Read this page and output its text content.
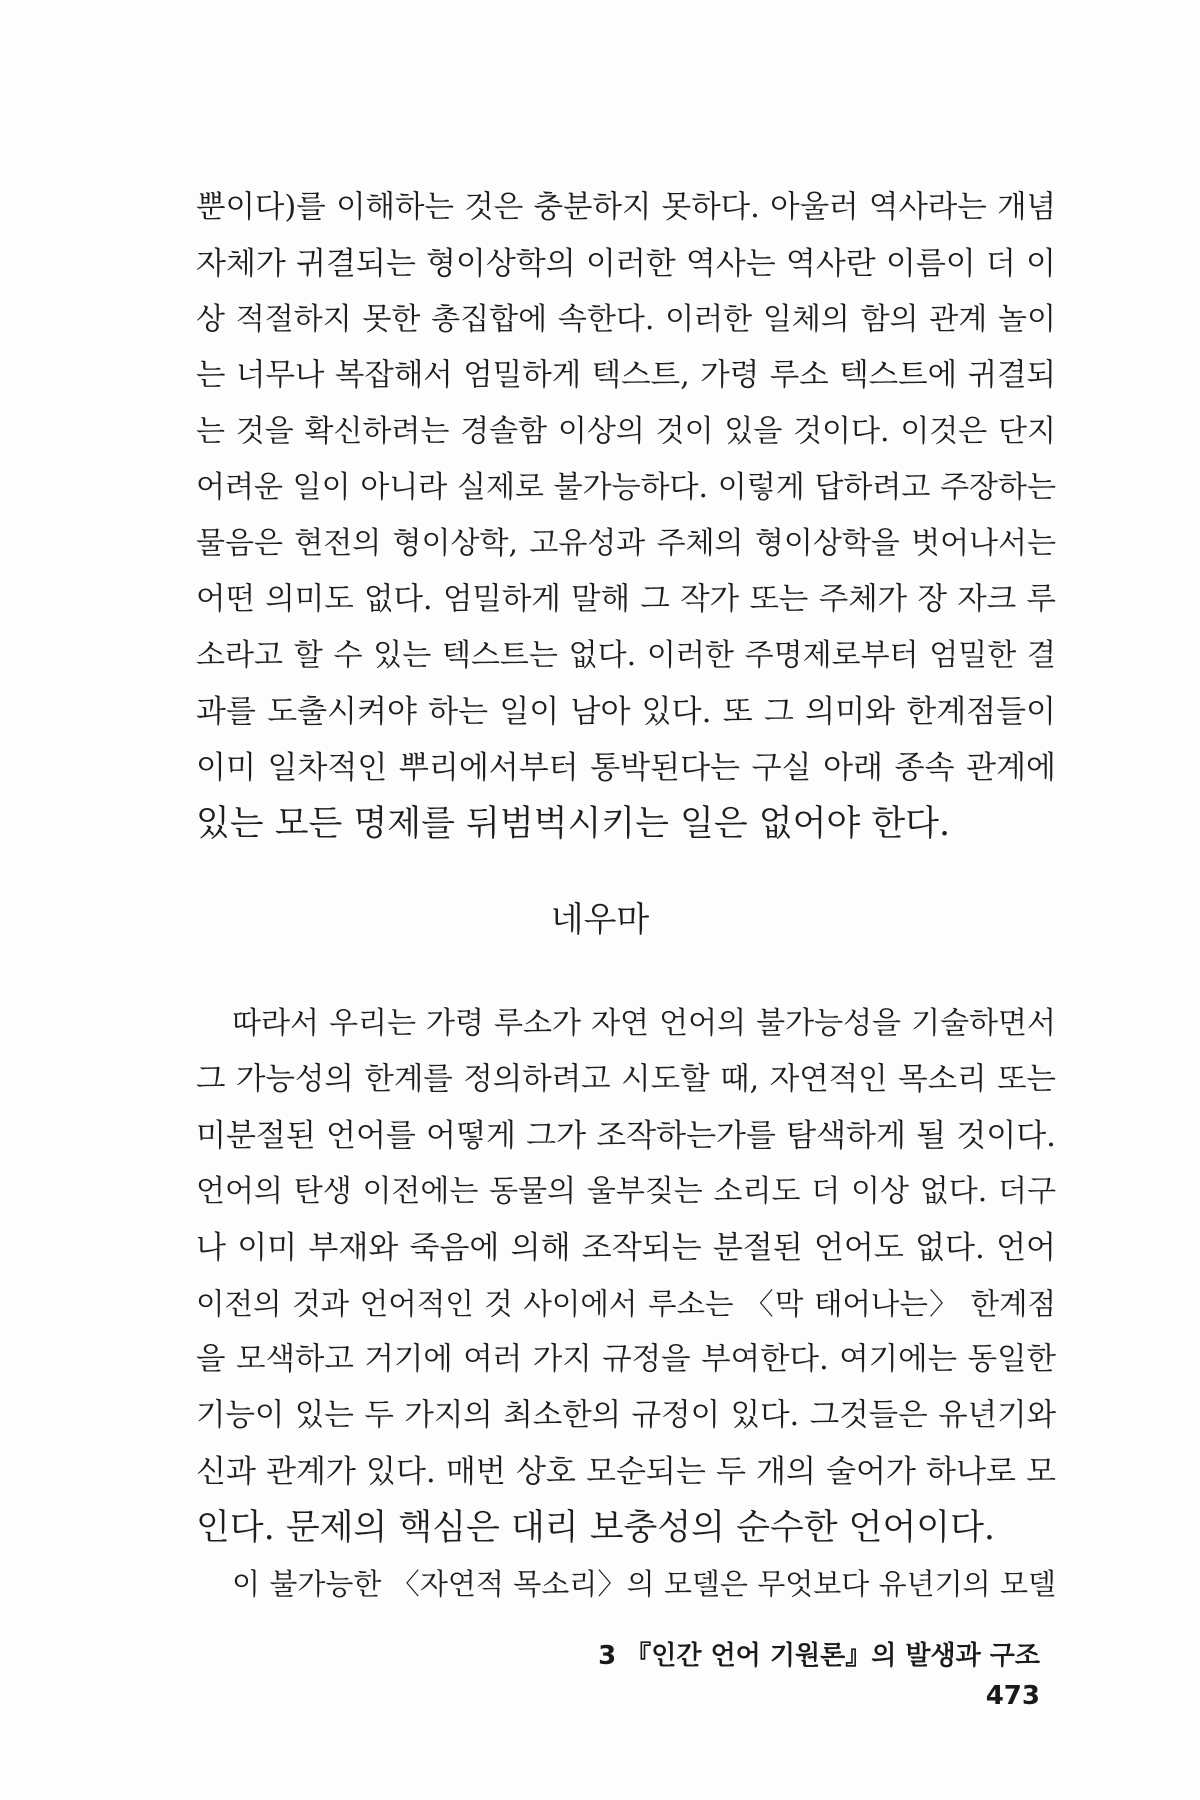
뿐이다)를 이해하는 것은 충분하지 못하다. 아울러 역사라는 개념
자체가 귀결되는 형이상학의 이러한 역사는 역사란 이름이 더 이
상 적절하지 못한 총집합에 속한다. 이러한 일체의 함의 관계 놀이
는 너무나 복잡해서 엄밀하게 텍스트, 가령 루소 텍스트에 귀결되
는 것을 확신하려는 경솔함 이상의 것이 있을 것이다. 이것은 단지
어려운 일이 아니라 실제로 불가능하다. 이렇게 답하려고 주장하는
물음은 현전의 형이상학, 고유성과 주체의 형이상학을 벗어나서는
어떤 의미도 없다. 엄밀하게 말해 그 작가 또는 주체가 장 자크 루
소라고 할 수 있는 텍스트는 없다. 이러한 주명제로부터 엄밀한 결
과를 도출시켜야 하는 일이 남아 있다. 또 그 의미와 한계점들이
이미 일차적인 뿌리에서부터 통박된다는 구실 아래 종속 관계에
있는 모든 명제를 뒤범벅시키는 일은 없어야 한다.
네우마
따라서 우리는 가령 루소가 자연 언어의 불가능성을 기술하면서
그 가능성의 한계를 정의하려고 시도할 때, 자연적인 목소리 또는
미분절된 언어를 어떻게 그가 조작하는가를 탐색하게 될 것이다.
언어의 탄생 이전에는 동물의 울부짖는 소리도 더 이상 없다. 더구
나 이미 부재와 죽음에 의해 조작되는 분절된 언어도 없다. 언어
이전의 것과 언어적인 것 사이에서 루소는 〈막 태어나는〉 한계점
을 모색하고 거기에 여러 가지 규정을 부여한다. 여기에는 동일한
기능이 있는 두 가지의 최소한의 규정이 있다. 그것들은 유년기와
신과 관계가 있다. 매번 상호 모순되는 두 개의 술어가 하나로 모
인다. 문제의 핵심은 대리 보충성의 순수한 언어이다.
이 불가능한 〈자연적 목소리〉의 모델은 무엇보다 유년기의 모델
3 『인간 언어 기원론』의 발생과 구조 473
